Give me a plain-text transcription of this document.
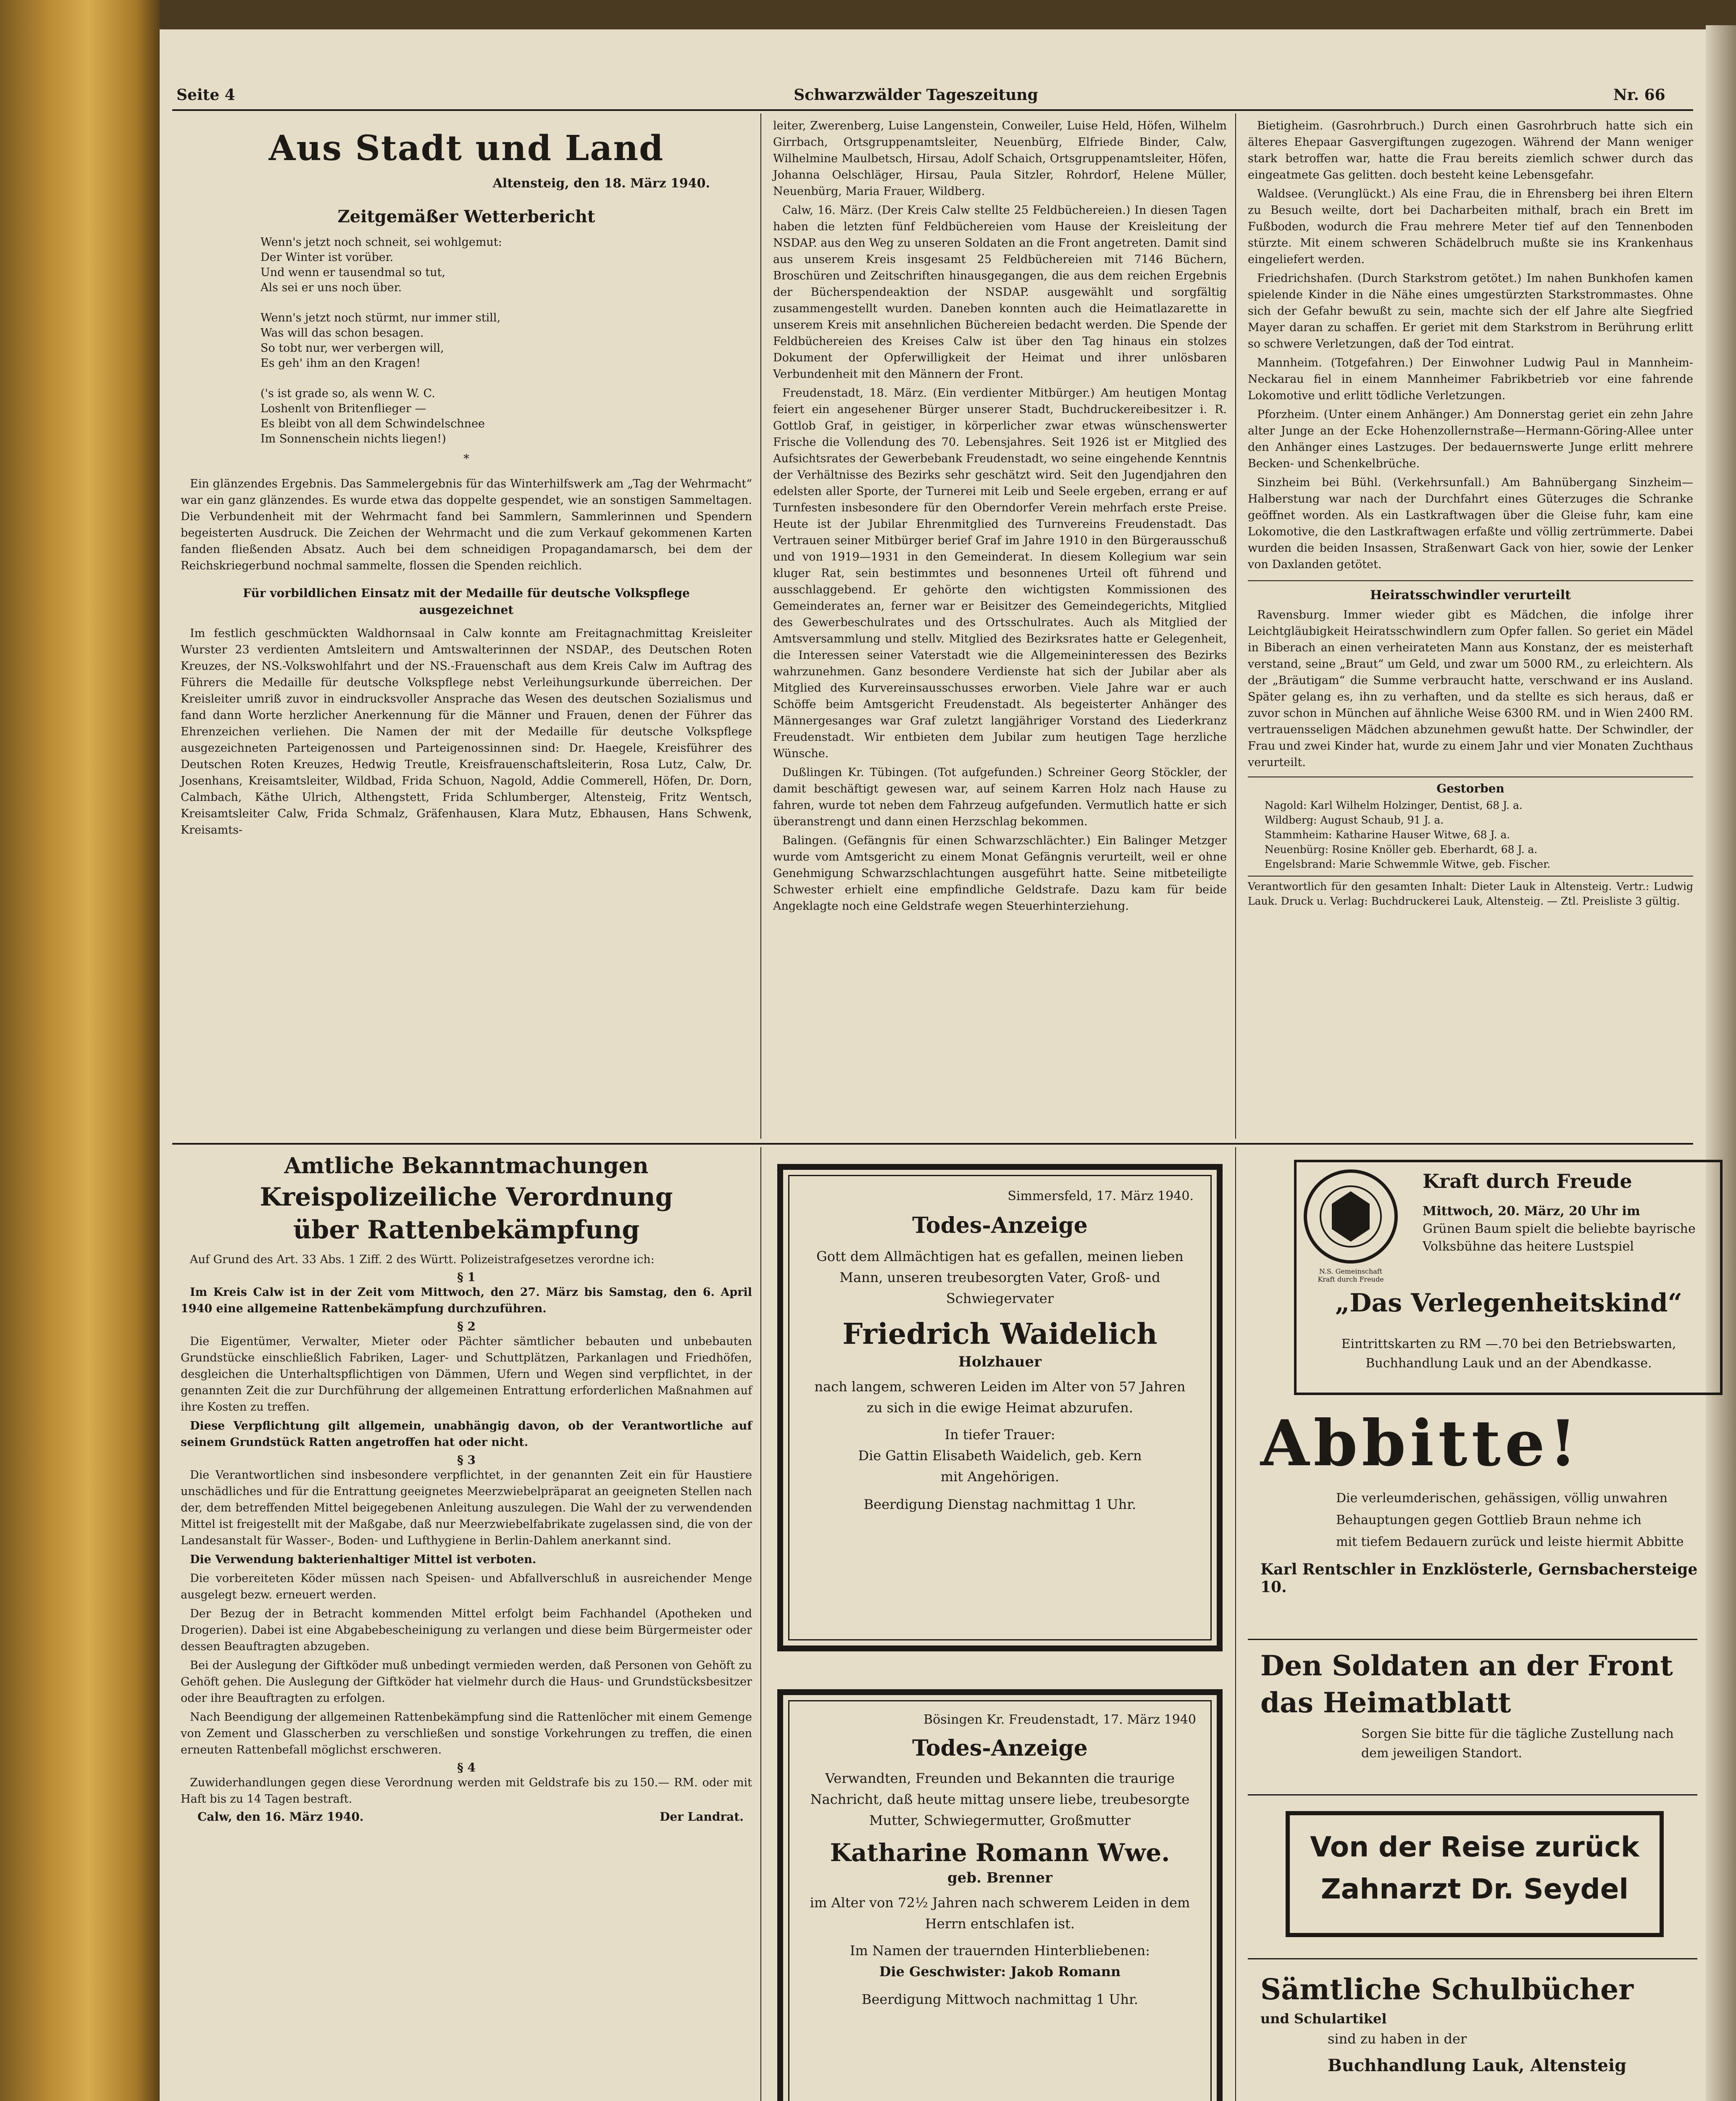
Seite 4	Schwarzwälder Tageszeitung	Nr. 66
Aus Stadt und Land
Altensteig, den 18. März 1940.
Zeitgemäßer Wetterbericht
Wenn's jetzt noch schneit, sei wohlgemut:
Der Winter ist vorüber.
Und wenn er tausendmal so tut,
Als sei er uns noch über.

Wenn's jetzt noch stürmt, nur immer still,
Was will das schon besagen.
So tobt nur, wer verbergen will,
Es geh' ihm an den Kragen!

('s ist grade so, als wenn W. C.
Loshenlt von Britenflieger —
Es bleibt von all dem Schwindelschnee
Im Sonnenschein nichts liegen!)
*

Ein glänzendes Ergebnis. Das Sammelergebnis für das Winterhilfswerk am „Tag der Wehrmacht“ war ein ganz glänzendes. Es wurde etwa das doppelte gespendet, wie an sonstigen Sammeltagen. Die Verbundenheit mit der Wehrmacht fand bei Sammlern, Sammlerinnen und Spendern begeisterten Ausdruck. Die Zeichen der Wehrmacht und die zum Verkauf gekommenen Karten fanden fließenden Absatz. Auch bei dem schneidigen Propagandamarsch, bei dem der Reichskriegerbund nochmal sammelte, flossen die Spenden reichlich.

Für vorbildlichen Einsatz mit der Medaille für deutsche Volkspflege ausgezeichnet

Im festlich geschmückten Waldhornsaal in Calw konnte am Freitagnachmittag Kreisleiter Wurster 23 verdienten Amtsleitern und Amtswalterinnen der NSDAP., des Deutschen Roten Kreuzes, der NS.-Volkswohlfahrt und der NS.-Frauenschaft aus dem Kreis Calw im Auftrag des Führers die Medaille für deutsche Volkspflege nebst Verleihungsurkunde überreichen. Der Kreisleiter umriß zuvor in eindrucksvoller Ansprache das Wesen des deutschen Sozialismus und fand dann Worte herzlicher Anerkennung für die Männer und Frauen, denen der Führer das Ehrenzeichen verliehen. Die Namen der mit der Medaille für deutsche Volkspflege ausgezeichneten Parteigenossen und Parteigenossinnen sind: Dr. Haegele, Kreisführer des Deutschen Roten Kreuzes, Hedwig Treutle, Kreisfrauenschaftsleiterin, Rosa Lutz, Calw, Dr. Josenhans, Kreisamtsleiter, Wildbad, Frida Schuon, Nagold, Addie Commerell, Höfen, Dr. Dorn, Calmbach, Käthe Ulrich, Althengstett, Frida Schlumberger, Altensteig, Fritz Wentsch, Kreisamtsleiter Calw, Frida Schmalz, Gräfenhausen, Klara Mutz, Ebhausen, Hans Schwenk, Kreisamts-

leiter, Zwerenberg, Luise Langenstein, Conweiler, Luise Held, Höfen, Wilhelm Girrbach, Ortsgruppenamtsleiter, Neuenbürg, Elfriede Binder, Calw, Wilhelmine Maulbetsch, Hirsau, Adolf Schaich, Ortsgruppenamtsleiter, Höfen, Johanna Oelschläger, Hirsau, Paula Sitzler, Rohrdorf, Helene Müller, Neuenbürg, Maria Frauer, Wildberg.

Calw, 16. März. (Der Kreis Calw stellte 25 Feldbüchereien.) In diesen Tagen haben die letzten fünf Feldbüchereien vom Hause der Kreisleitung der NSDAP. aus den Weg zu unseren Soldaten an die Front angetreten. Damit sind aus unserem Kreis insgesamt 25 Feldbüchereien mit 7146 Büchern, Broschüren und Zeitschriften hinausgegangen, die aus dem reichen Ergebnis der Bücherspendeaktion der NSDAP. ausgewählt und sorgfältig zusammengestellt wurden. Daneben konnten auch die Heimatlazarette in unserem Kreis mit ansehnlichen Büchereien bedacht werden. Die Spende der Feldbüchereien des Kreises Calw ist über den Tag hinaus ein stolzes Dokument der Opferwilligkeit der Heimat und ihrer unlösbaren Verbundenheit mit den Männern der Front.

Freudenstadt, 18. März. (Ein verdienter Mitbürger.) Am heutigen Montag feiert ein angesehener Bürger unserer Stadt, Buchdruckereibesitzer i. R. Gottlob Graf, in geistiger, in körperlicher zwar etwas wünschenswerter Frische die Vollendung des 70. Lebensjahres. Seit 1926 ist er Mitglied des Aufsichtsrates der Gewerbebank Freudenstadt, wo seine eingehende Kenntnis der Verhältnisse des Bezirks sehr geschätzt wird. Seit den Jugendjahren den edelsten aller Sporte, der Turnerei mit Leib und Seele ergeben, errang er auf Turnfesten insbesondere für den Oberndorfer Verein mehrfach erste Preise. Heute ist der Jubilar Ehrenmitglied des Turnvereins Freudenstadt. Das Vertrauen seiner Mitbürger berief Graf im Jahre 1910 in den Bürgerausschuß und von 1919—1931 in den Gemeinderat. In diesem Kollegium war sein kluger Rat, sein bestimmtes und besonnenes Urteil oft führend und ausschlaggebend. Er gehörte den wichtigsten Kommissionen des Gemeinderates an, ferner war er Beisitzer des Gemeindegerichts, Mitglied des Gewerbeschulrates und des Ortsschulrates. Auch als Mitglied der Amtsversammlung und stellv. Mitglied des Bezirksrates hatte er Gelegenheit, die Interessen seiner Vaterstadt wie die Allgemeininteressen des Bezirks wahrzunehmen. Ganz besondere Verdienste hat sich der Jubilar aber als Mitglied des Kurvereinsausschusses erworben. Viele Jahre war er auch Schöffe beim Amtsgericht Freudenstadt. Als begeisterter Anhänger des Männergesanges war Graf zuletzt langjähriger Vorstand des Liederkranz Freudenstadt. Wir entbieten dem Jubilar zum heutigen Tage herzliche Wünsche.

Dußlingen Kr. Tübingen. (Tot aufgefunden.) Schreiner Georg Stöckler, der damit beschäftigt gewesen war, auf seinem Karren Holz nach Hause zu fahren, wurde tot neben dem Fahrzeug aufgefunden. Vermutlich hatte er sich überanstrengt und dann einen Herzschlag bekommen.

Balingen. (Gefängnis für einen Schwarzschlächter.) Ein Balinger Metzger wurde vom Amtsgericht zu einem Monat Gefängnis verurteilt, weil er ohne Genehmigung Schwarzschlachtungen ausgeführt hatte. Seine mitbeteiligte Schwester erhielt eine empfindliche Geldstrafe. Dazu kam für beide Angeklagte noch eine Geldstrafe wegen Steuerhinterziehung.

Bietigheim. (Gasrohrbruch.) Durch einen Gasrohrbruch hatte sich ein älteres Ehepaar Gasvergiftungen zugezogen. Während der Mann weniger stark betroffen war, hatte die Frau bereits ziemlich schwer durch das eingeatmete Gas gelitten. doch besteht keine Lebensgefahr.

Waldsee. (Verunglückt.) Als eine Frau, die in Ehrensberg bei ihren Eltern zu Besuch weilte, dort bei Dacharbeiten mithalf, brach ein Brett im Fußboden, wodurch die Frau mehrere Meter tief auf den Tennenboden stürzte. Mit einem schweren Schädelbruch mußte sie ins Krankenhaus eingeliefert werden.

Friedrichshafen. (Durch Starkstrom getötet.) Im nahen Bunkhofen kamen spielende Kinder in die Nähe eines umgestürzten Starkstrommastes. Ohne sich der Gefahr bewußt zu sein, machte sich der elf Jahre alte Siegfried Mayer daran zu schaffen. Er geriet mit dem Starkstrom in Berührung erlitt so schwere Verletzungen, daß der Tod eintrat.

Mannheim. (Totgefahren.) Der Einwohner Ludwig Paul in Mannheim-Neckarau fiel in einem Mannheimer Fabrikbetrieb vor eine fahrende Lokomotive und erlitt tödliche Verletzungen.

Pforzheim. (Unter einem Anhänger.) Am Donnerstag geriet ein zehn Jahre alter Junge an der Ecke Hohenzollernstraße—Hermann-Göring-Allee unter den Anhänger eines Lastzuges. Der bedauernswerte Junge erlitt mehrere Becken- und Schenkelbrüche.

Sinzheim bei Bühl. (Verkehrsunfall.) Am Bahnübergang Sinzheim—Halberstung war nach der Durchfahrt eines Güterzuges die Schranke geöffnet worden. Als ein Lastkraftwagen über die Gleise fuhr, kam eine Lokomotive, die den Lastkraftwagen erfaßte und völlig zertrümmerte. Dabei wurden die beiden Insassen, Straßenwart Gack von hier, sowie der Lenker von Daxlanden getötet.

Heiratsschwindler verurteilt

Ravensburg. Immer wieder gibt es Mädchen, die infolge ihrer Leichtgläubigkeit Heiratsschwindlern zum Opfer fallen. So geriet ein Mädel in Biberach an einen verheirateten Mann aus Konstanz, der es meisterhaft verstand, seine „Braut“ um Geld, und zwar um 5000 RM., zu erleichtern. Als der „Bräutigam“ die Summe verbraucht hatte, verschwand er ins Ausland. Später gelang es, ihn zu verhaften, und da stellte es sich heraus, daß er zuvor schon in München auf ähnliche Weise 6300 RM. und in Wien 2400 RM. vertrauensseligen Mädchen abzunehmen gewußt hatte. Der Schwindler, der Frau und zwei Kinder hat, wurde zu einem Jahr und vier Monaten Zuchthaus verurteilt.

Gestorben
Nagold: Karl Wilhelm Holzinger, Dentist, 68 J. a.
Wildberg: August Schaub, 91 J. a.
Stammheim: Katharine Hauser Witwe, 68 J. a.
Neuenbürg: Rosine Knöller geb. Eberhardt, 68 J. a.
Engelsbrand: Marie Schwemmle Witwe, geb. Fischer.
Verantwortlich für den gesamten Inhalt: Dieter Lauk in Altensteig. Vertr.: Ludwig Lauk. Druck u. Verlag: Buchdruckerei Lauk, Altensteig. — Ztl. Preisliste 3 gültig.
Amtliche Bekanntmachungen
Kreispolizeiliche Verordnung
über Rattenbekämpfung

Auf Grund des Art. 33 Abs. 1 Ziff. 2 des Württ. Polizeistrafgesetzes verordne ich:

§ 1

Im Kreis Calw ist in der Zeit vom Mittwoch, den 27. März bis Samstag, den 6. April 1940 eine allgemeine Rattenbekämpfung durchzuführen.

§ 2

Die Eigentümer, Verwalter, Mieter oder Pächter sämtlicher bebauten und unbebauten Grundstücke einschließlich Fabriken, Lager- und Schuttplätzen, Parkanlagen und Friedhöfen, desgleichen die Unterhaltspflichtigen von Dämmen, Ufern und Wegen sind verpflichtet, in der genannten Zeit die zur Durchführung der allgemeinen Entrattung erforderlichen Maßnahmen auf ihre Kosten zu treffen.

Diese Verpflichtung gilt allgemein, unabhängig davon, ob der Verantwortliche auf seinem Grundstück Ratten angetroffen hat oder nicht.

§ 3

Die Verantwortlichen sind insbesondere verpflichtet, in der genannten Zeit ein für Haustiere unschädliches und für die Entrattung geeignetes Meerzwiebelpräparat an geeigneten Stellen nach der, dem betreffenden Mittel beigegebenen Anleitung auszulegen. Die Wahl der zu verwendenden Mittel ist freigestellt mit der Maßgabe, daß nur Meerzwiebelfabrikate zugelassen sind, die von der Landesanstalt für Wasser-, Boden- und Lufthygiene in Berlin-Dahlem anerkannt sind.

Die Verwendung bakterienhaltiger Mittel ist verboten.

Die vorbereiteten Köder müssen nach Speisen- und Abfallverschluß in ausreichender Menge ausgelegt bezw. erneuert werden.

Der Bezug der in Betracht kommenden Mittel erfolgt beim Fachhandel (Apotheken und Drogerien). Dabei ist eine Abgabebescheinigung zu verlangen und diese beim Bürgermeister oder dessen Beauftragten abzugeben.

Bei der Auslegung der Giftköder muß unbedingt vermieden werden, daß Personen von Gehöft zu Gehöft gehen. Die Auslegung der Giftköder hat vielmehr durch die Haus- und Grundstücksbesitzer oder ihre Beauftragten zu erfolgen.

Nach Beendigung der allgemeinen Rattenbekämpfung sind die Rattenlöcher mit einem Gemenge von Zement und Glasscherben zu verschließen und sonstige Vorkehrungen zu treffen, die einen erneuten Rattenbefall möglichst erschweren.

§ 4

Zuwiderhandlungen gegen diese Verordnung werden mit Geldstrafe bis zu 150.— RM. oder mit Haft bis zu 14 Tagen bestraft.

Calw, den 16. März 1940.	Der Landrat.
Simmersfeld, 17. März 1940.
Todes-Anzeige

Gott dem Allmächtigen hat es gefallen, meinen lieben Mann, unseren treubesorgten Vater, Groß- und Schwiegervater

Friedrich Waidelich
Holzhauer

nach langem, schweren Leiden im Alter von 57 Jahren zu sich in die ewige Heimat abzurufen.

In tiefer Trauer:

Die Gattin Elisabeth Waidelich, geb. Kern

mit Angehörigen.

Beerdigung Dienstag nachmittag 1 Uhr.

Bösingen Kr. Freudenstadt, 17. März 1940
Todes-Anzeige

Verwandten, Freunden und Bekannten die traurige Nachricht, daß heute mittag unsere liebe, treubesorgte Mutter, Schwiegermutter, Großmutter

Katharine Romann Wwe.
geb. Brenner

im Alter von 72½ Jahren nach schwerem Leiden in dem Herrn entschlafen ist.

Im Namen der trauernden Hinterbliebenen:

Die Geschwister: Jakob Romann

Beerdigung Mittwoch nachmittag 1 Uhr.

N.S. Gemeinschaft
Kraft durch Freude
Kraft durch Freude
Mittwoch, 20. März, 20 Uhr im
Grünen Baum spielt die beliebte bayrische
Volksbühne das heitere Lustspiel
„Das Verlegenheitskind“
Eintrittskarten zu RM —.70 bei den Betriebswarten,
Buchhandlung Lauk und an der Abendkasse.
Abbitte!
Die verleumderischen, gehässigen, völlig unwahren
Behauptungen gegen Gottlieb Braun nehme ich
mit tiefem Bedauern zurück und leiste hiermit Abbitte
Karl Rentschler in Enzklösterle, Gernsbachersteige 10.
Den Soldaten an der Front
das Heimatblatt
Sorgen Sie bitte für die tägliche Zustellung nach
dem jeweiligen Standort.
Von der Reise zurück
Zahnarzt Dr. Seydel
Sämtliche Schulbücher
und Schulartikel
sind zu haben in der
Buchhandlung Lauk, Altensteig
